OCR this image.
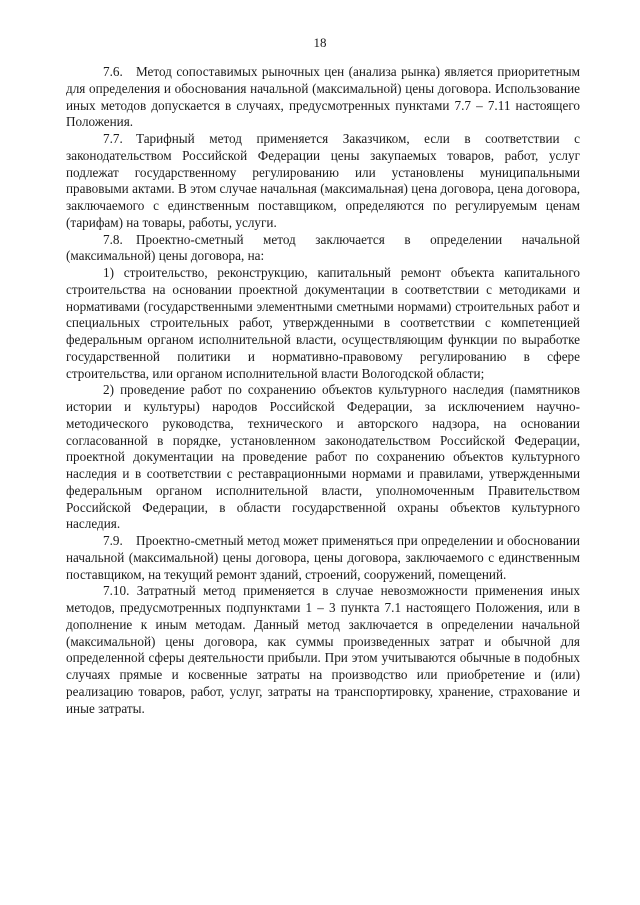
18

7.6. Метод сопоставимых рыночных цен (анализа рынка) является приоритетным для определения и обоснования начальной (максимальной) цены договора. Использование иных методов допускается в случаях, предусмотренных пунктами 7.7 – 7.11 настоящего Положения.

7.7. Тарифный метод применяется Заказчиком, если в соответствии с законодательством Российской Федерации цены закупаемых товаров, работ, услуг подлежат государственному регулированию или установлены муниципальными правовыми актами. В этом случае начальная (максимальная) цена договора, цена договора, заключаемого с единственным поставщиком, определяются по регулируемым ценам (тарифам) на товары, работы, услуги.

7.8. Проектно-сметный метод заключается в определении начальной (максимальной) цены договора, на:

1) строительство, реконструкцию, капитальный ремонт объекта капитального строительства на основании проектной документации в соответствии с методиками и нормативами (государственными элементными сметными нормами) строительных работ и специальных строительных работ, утвержденными в соответствии с компетенцией федеральным органом исполнительной власти, осуществляющим функции по выработке государственной политики и нормативно-правовому регулированию в сфере строительства, или органом исполнительной власти Вологодской области;

2) проведение работ по сохранению объектов культурного наследия (памятников истории и культуры) народов Российской Федерации, за исключением научно-методического руководства, технического и авторского надзора, на основании согласованной в порядке, установленном законодательством Российской Федерации, проектной документации на проведение работ по сохранению объектов культурного наследия и в соответствии с реставрационными нормами и правилами, утвержденными федеральным органом исполнительной власти, уполномоченным Правительством Российской Федерации, в области государственной охраны объектов культурного наследия.

7.9. Проектно-сметный метод может применяться при определении и обосновании начальной (максимальной) цены договора, цены договора, заключаемого с единственным поставщиком, на текущий ремонт зданий, строений, сооружений, помещений.

7.10. Затратный метод применяется в случае невозможности применения иных методов, предусмотренных подпунктами 1 – 3 пункта 7.1 настоящего Положения, или в дополнение к иным методам. Данный метод заключается в определении начальной (максимальной) цены договора, как суммы произведенных затрат и обычной для определенной сферы деятельности прибыли. При этом учитываются обычные в подобных случаях прямые и косвенные затраты на производство или приобретение и (или) реализацию товаров, работ, услуг, затраты на транспортировку, хранение, страхование и иные затраты.
